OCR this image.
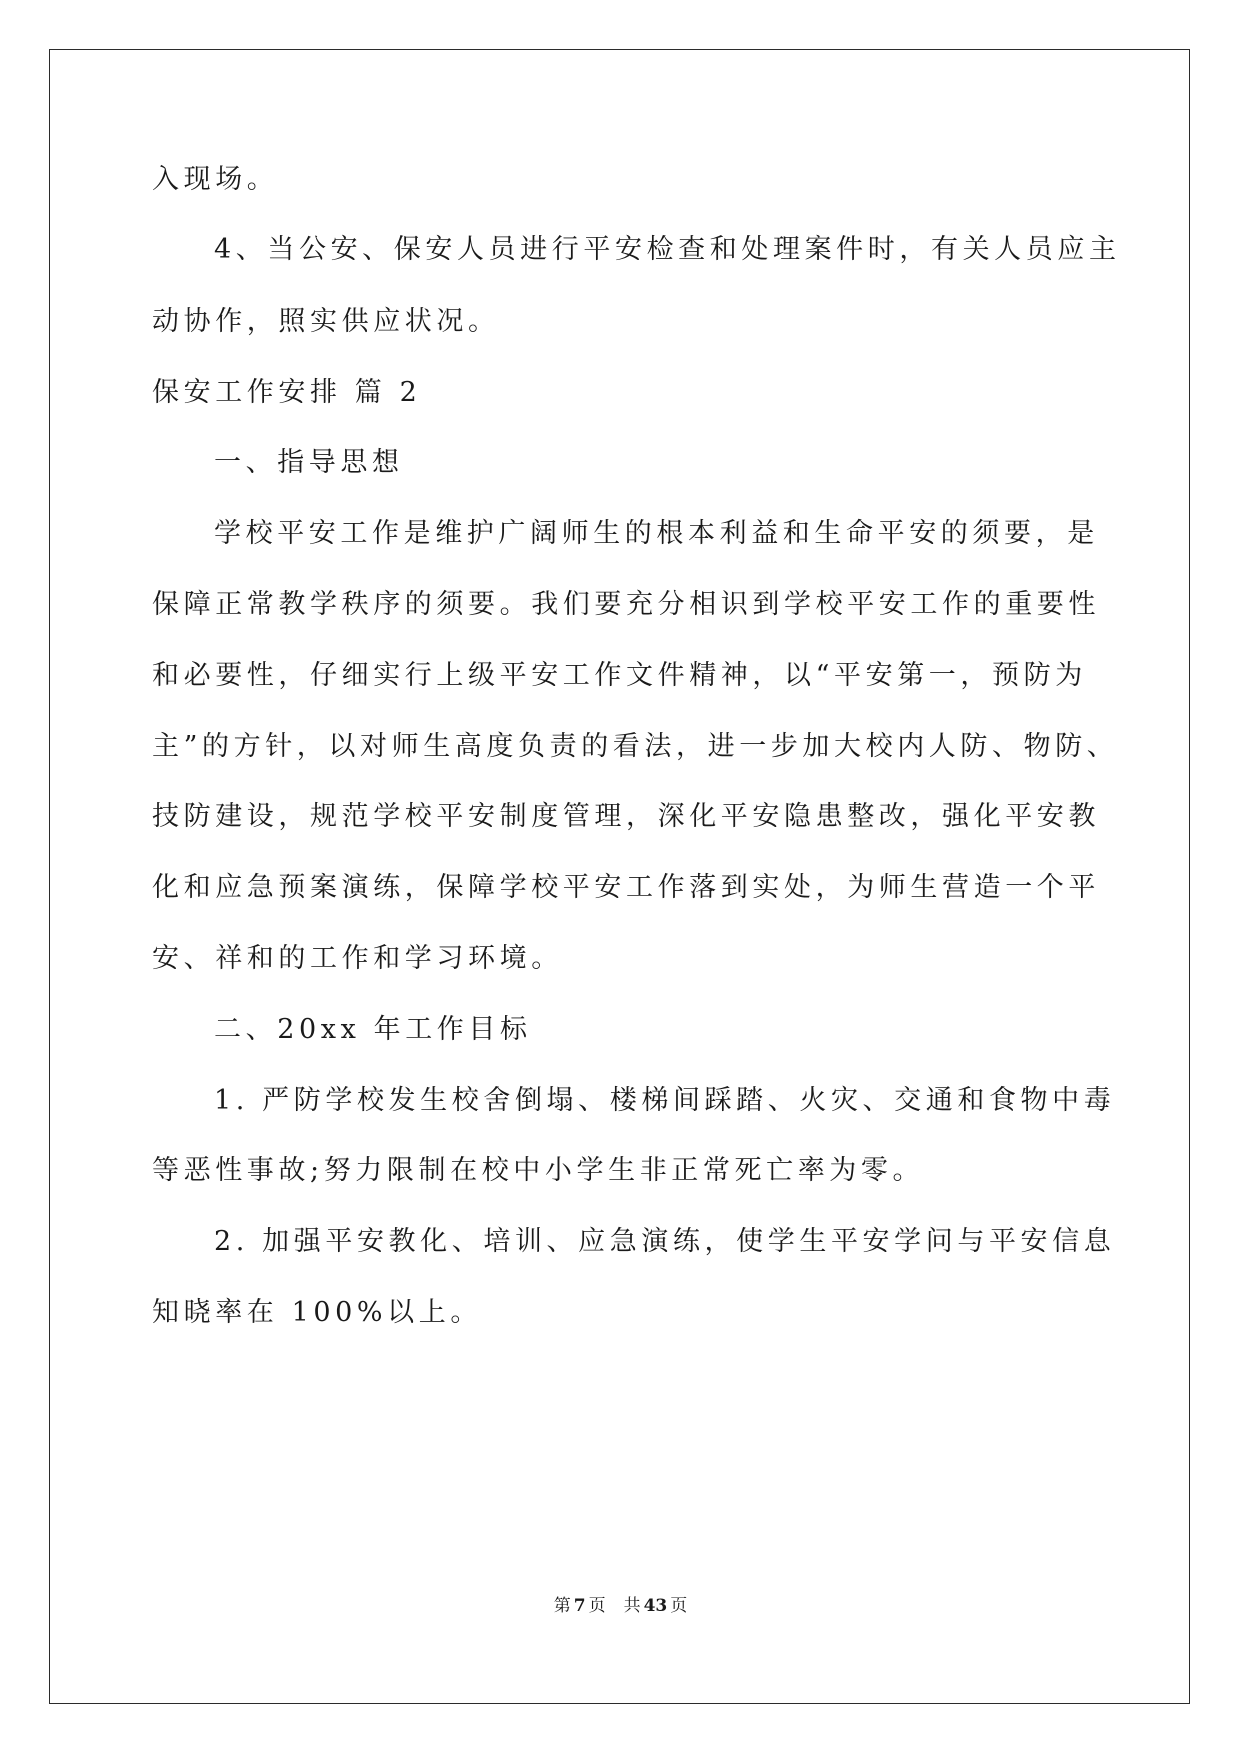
入现场。
4、当公安、保安人员进行平安检查和处理案件时，有关人员应主
动协作，照实供应状况。
保安工作安排 篇 2
一、指导思想
学校平安工作是维护广阔师生的根本利益和生命平安的须要，是
保障正常教学秩序的须要。我们要充分相识到学校平安工作的重要性
和必要性，仔细实行上级平安工作文件精神，以“平安第一，预防为
主”的方针，以对师生高度负责的看法，进一步加大校内人防、物防、
技防建设，规范学校平安制度管理，深化平安隐患整改，强化平安教
化和应急预案演练，保障学校平安工作落到实处，为师生营造一个平
安、祥和的工作和学习环境。
二、20xx 年工作目标
1. 严防学校发生校舍倒塌、楼梯间踩踏、火灾、交通和食物中毒
等恶性事故;努力限制在校中小学生非正常死亡率为零。
2. 加强平安教化、培训、应急演练，使学生平安学问与平安信息
知晓率在 100%以上。
第 7 页 共 43 页
